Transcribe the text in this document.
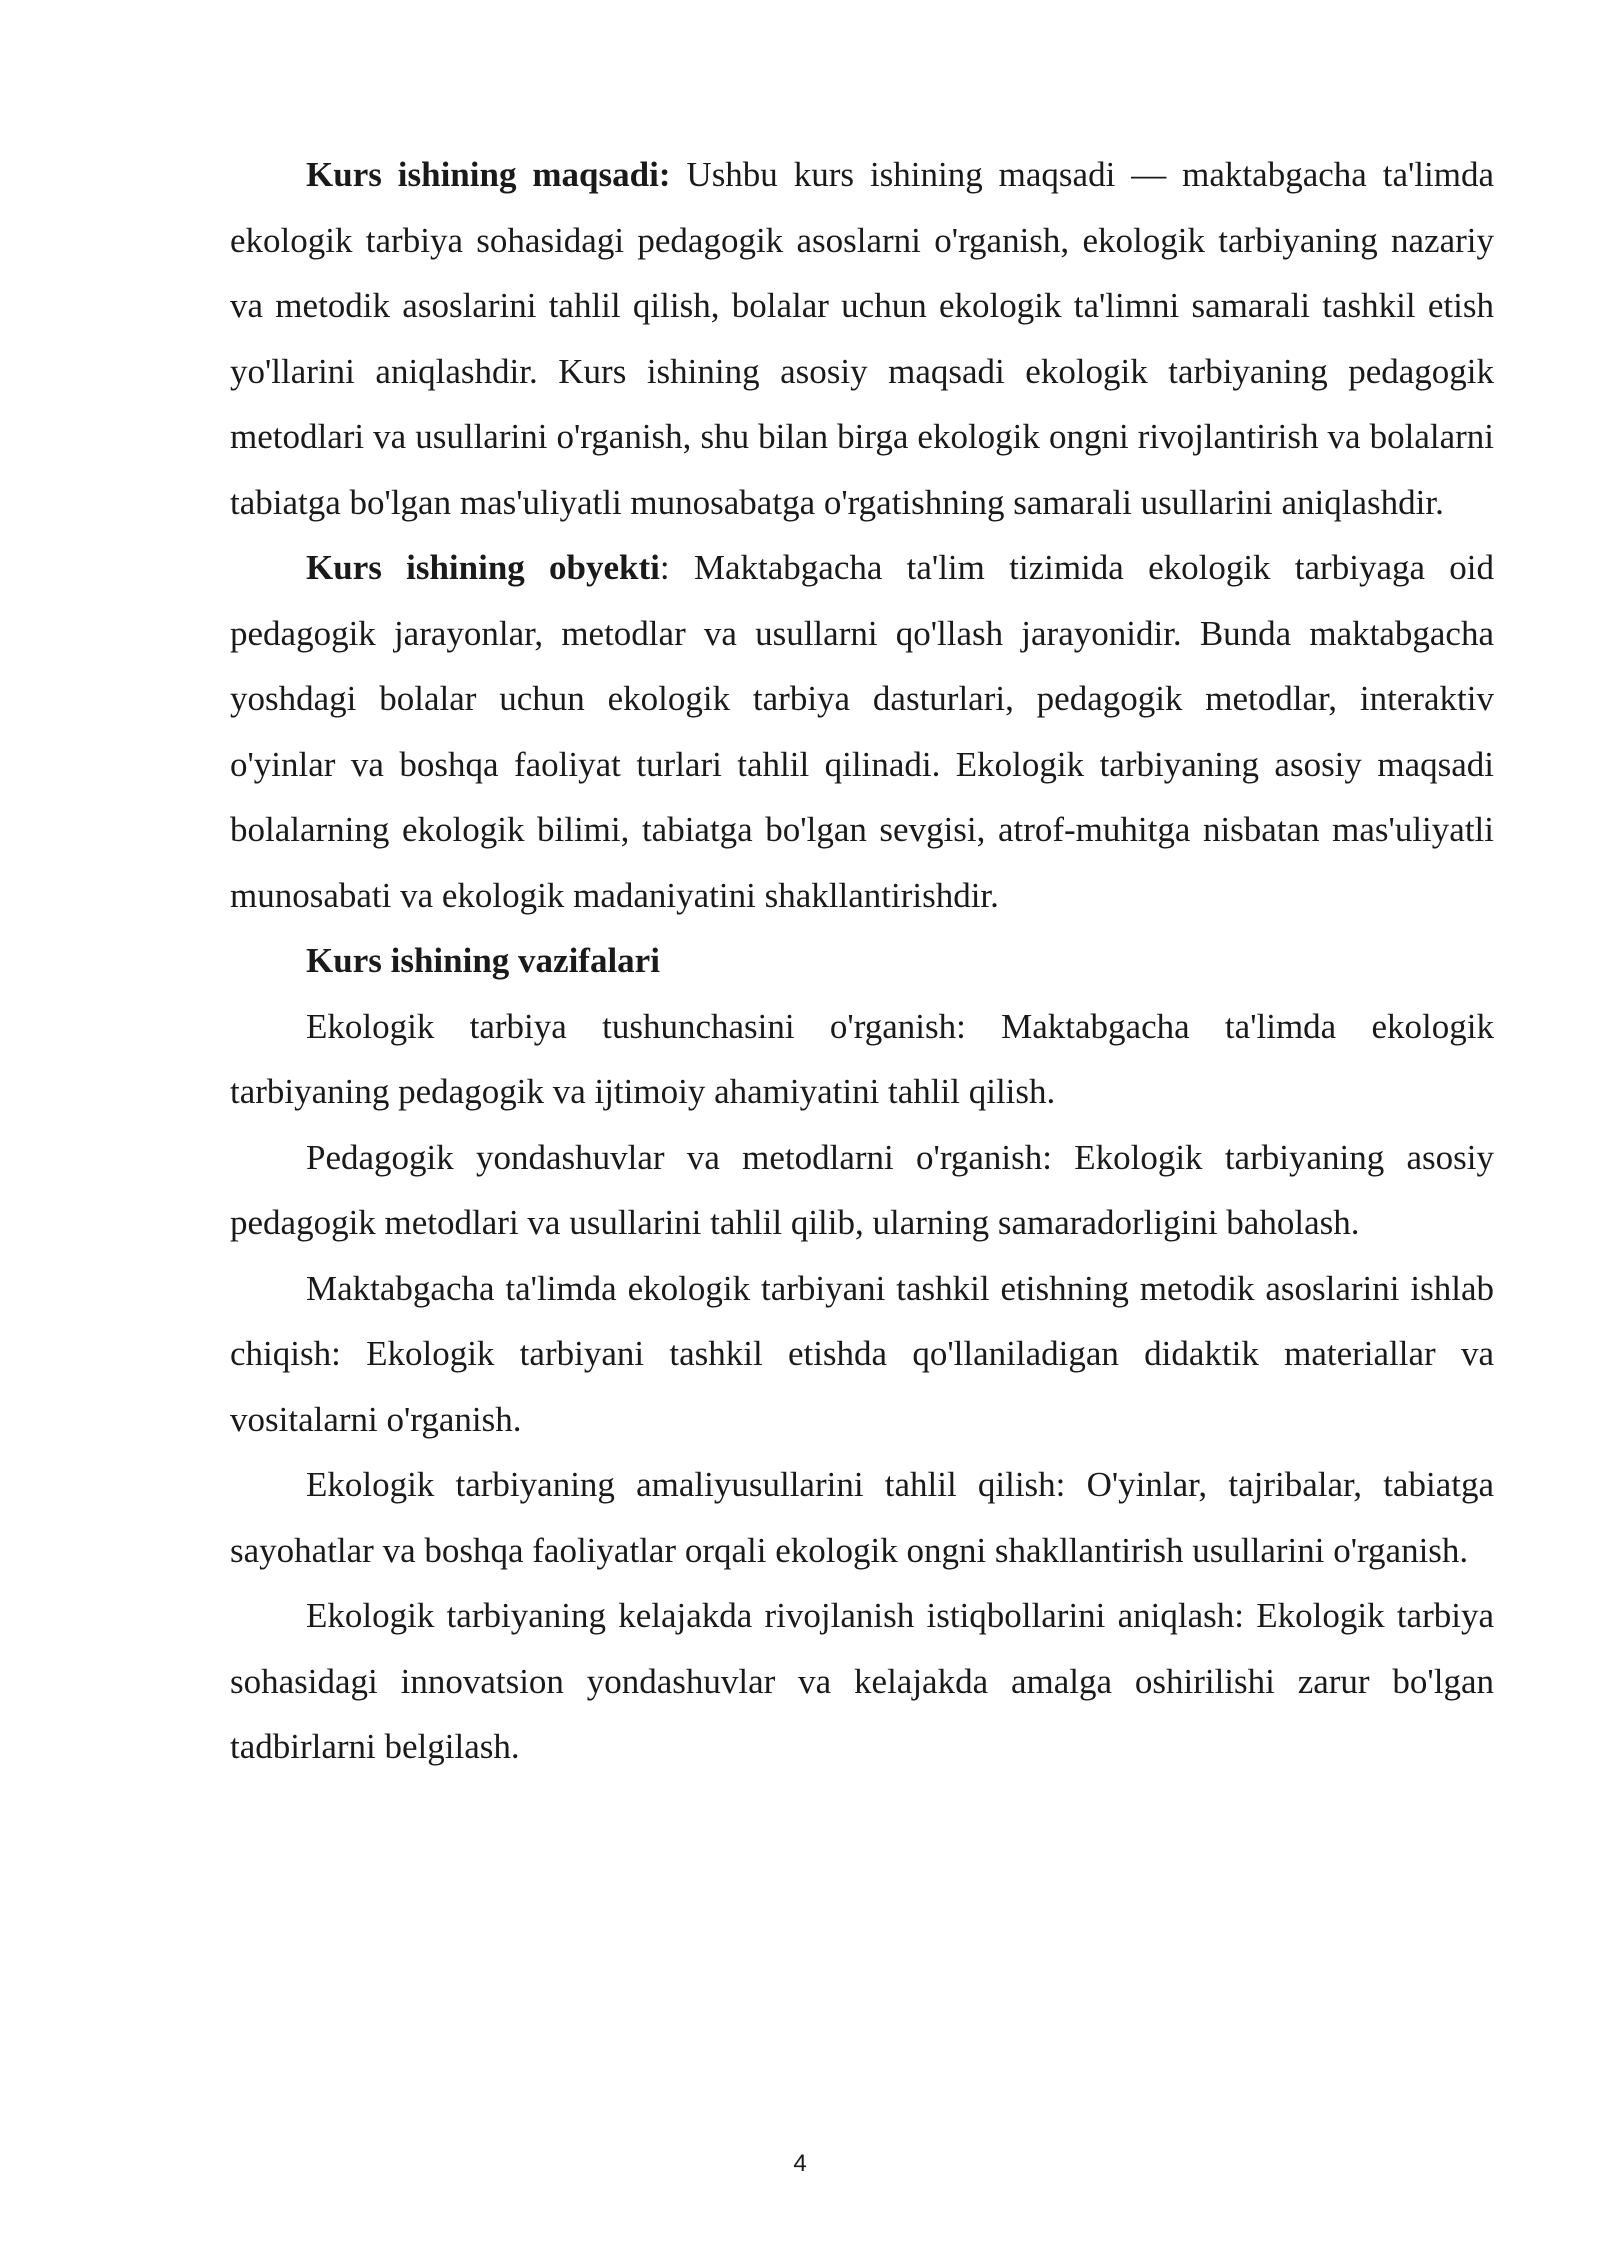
Kurs ishining maqsadi: Ushbu kurs ishining maqsadi — maktabgacha ta'limda ekologik tarbiya sohasidagi pedagogik asoslarni o'rganish, ekologik tarbiyaning nazariy va metodik asoslarini tahlil qilish, bolalar uchun ekologik ta'limni samarali tashkil etish yo'llarini aniqlashdir. Kurs ishining asosiy maqsadi ekologik tarbiyaning pedagogik metodlari va usullarini o'rganish, shu bilan birga ekologik ongni rivojlantirish va bolalarni tabiatga bo'lgan mas'uliyatli munosabatga o'rgatishning samarali usullarini aniqlashdir.

Kurs ishining obyekti: Maktabgacha ta'lim tizimida ekologik tarbiyaga oid pedagogik jarayonlar, metodlar va usullarni qo'llash jarayonidir. Bunda maktabgacha yoshdagi bolalar uchun ekologik tarbiya dasturlari, pedagogik metodlar, interaktiv o'yinlar va boshqa faoliyat turlari tahlil qilinadi. Ekologik tarbiyaning asosiy maqsadi bolalarning ekologik bilimi, tabiatga bo'lgan sevgisi, atrof-muhitga nisbatan mas'uliyatli munosabati va ekologik madaniyatini shakllantirishdir.

Kurs ishining vazifalari

Ekologik tarbiya tushunchasini o'rganish: Maktabgacha ta'limda ekologik tarbiyaning pedagogik va ijtimoiy ahamiyatini tahlil qilish.

Pedagogik yondashuvlar va metodlarni o'rganish: Ekologik tarbiyaning asosiy pedagogik metodlari va usullarini tahlil qilib, ularning samaradorligini baholash.

Maktabgacha ta'limda ekologik tarbiyani tashkil etishning metodik asoslarini ishlab chiqish: Ekologik tarbiyani tashkil etishda qo'llaniladigan didaktik materiallar va vositalarni o'rganish.

Ekologik tarbiyaning amaliyusullarini tahlil qilish: O'yinlar, tajribalar, tabiatga sayohatlar va boshqa faoliyatlar orqali ekologik ongni shakllantirish usullarini o'rganish.

Ekologik tarbiyaning kelajakda rivojlanish istiqbollarini aniqlash: Ekologik tarbiya sohasidagi innovatsion yondashuvlar va kelajakda amalga oshirilishi zarur bo'lgan tadbirlarni belgilash.

4
